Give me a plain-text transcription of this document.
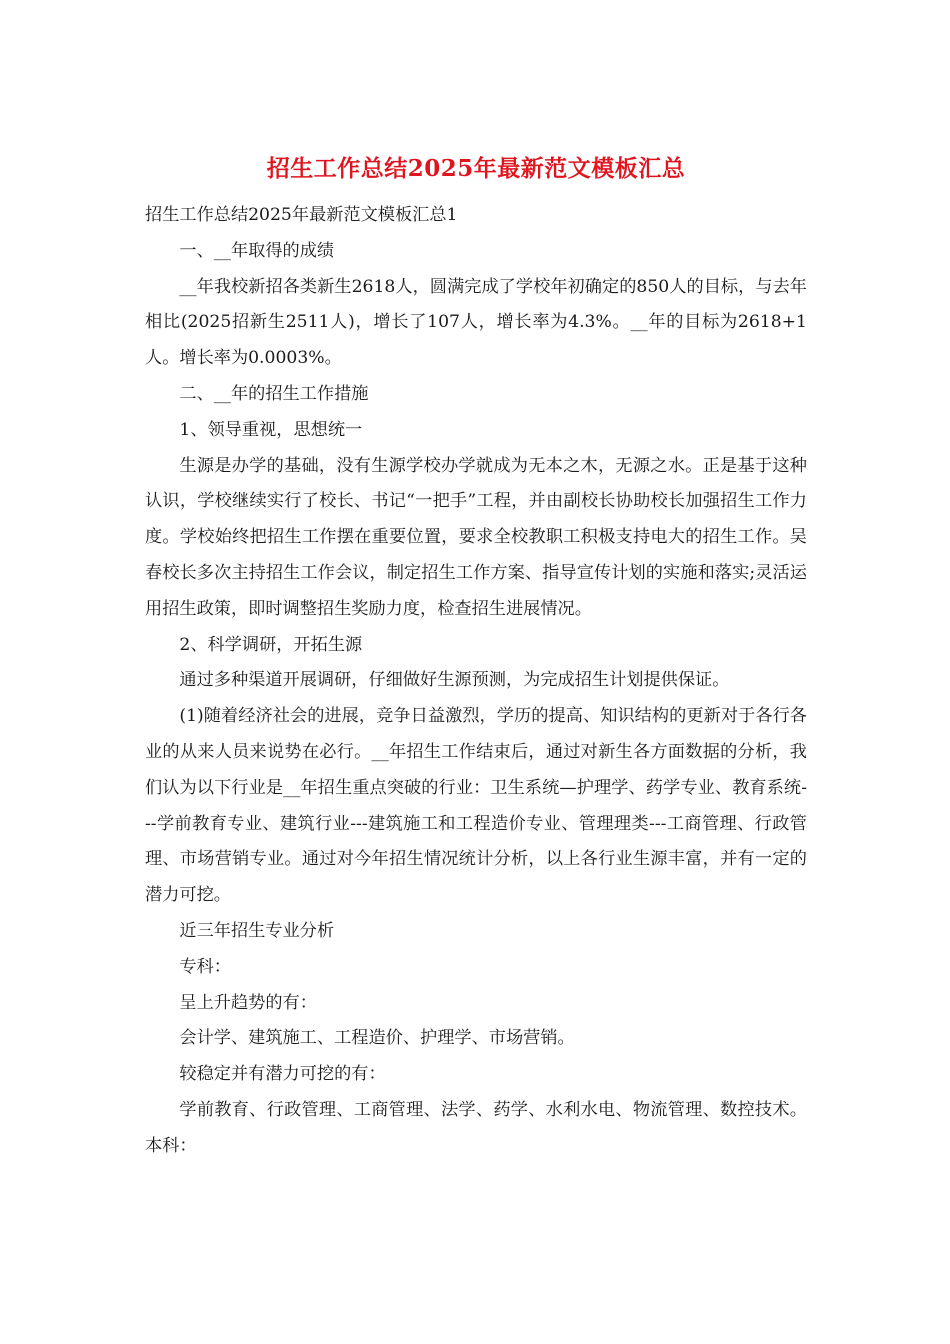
招生工作总结2025年最新范文模板汇总

招生工作总结2025年最新范文模板汇总1

一、__年取得的成绩

__年我校新招各类新生2618人，圆满完成了学校年初确定的850人的目标，与去年相比(2025招新生2511人)，增长了107人，增长率为4.3%。__年的目标为2618+1人。增长率为0.0003%。

二、__年的招生工作措施

1、领导重视，思想统一

生源是办学的基础，没有生源学校办学就成为无本之木，无源之水。正是基于这种认识，学校继续实行了校长、书记“一把手”工程，并由副校长协助校长加强招生工作力度。学校始终把招生工作摆在重要位置，要求全校教职工积极支持电大的招生工作。吴春校长多次主持招生工作会议，制定招生工作方案、指导宣传计划的实施和落实;灵活运用招生政策，即时调整招生奖励力度，检查招生进展情况。

2、科学调研，开拓生源

通过多种渠道开展调研，仔细做好生源预测，为完成招生计划提供保证。

(1)随着经济社会的进展，竞争日益激烈，学历的提高、知识结构的更新对于各行各业的从来人员来说势在必行。__年招生工作结束后，通过对新生各方面数据的分析，我们认为以下行业是__年招生重点突破的行业：卫生系统—护理学、药学专业、教育系统---学前教育专业、建筑行业---建筑施工和工程造价专业、管理理类---工商管理、行政管理、市场营销专业。通过对今年招生情况统计分析，以上各行业生源丰富，并有一定的潜力可挖。

近三年招生专业分析

专科：

呈上升趋势的有：

会计学、建筑施工、工程造价、护理学、市场营销。

较稳定并有潜力可挖的有：

学前教育、行政管理、工商管理、法学、药学、水利水电、物流管理、数控技术。 本科：
